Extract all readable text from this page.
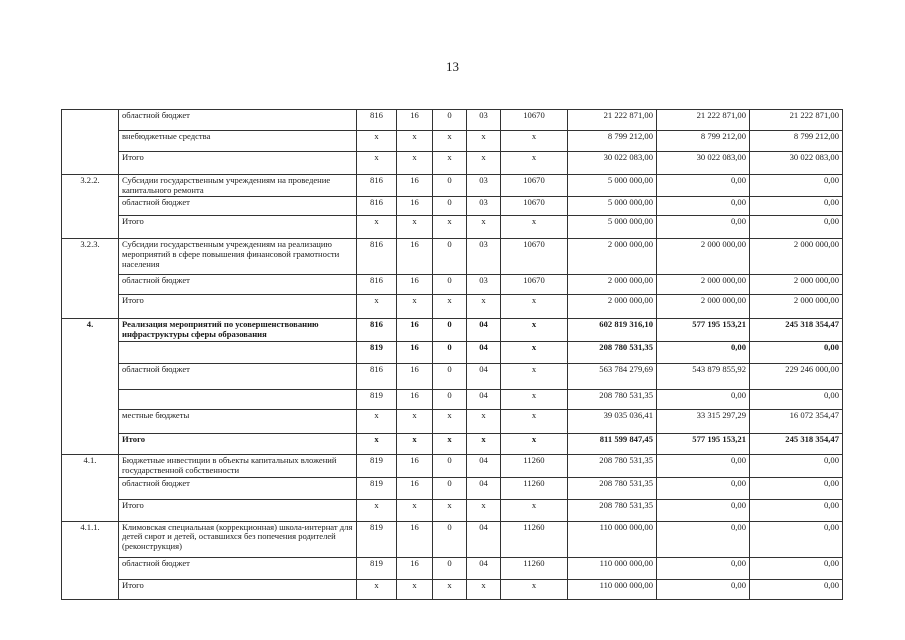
13
	областной бюджет	816	16	0	03	10670	21 222 871,00	21 222 871,00	21 222 871,00
	внебюджетные средства	x	x	x	x	x	8 799 212,00	8 799 212,00	8 799 212,00
	Итого	x	x	x	x	x	30 022 083,00	30 022 083,00	30 022 083,00
3.2.2.	Субсидии государственным учреждениям на проведение капитального ремонта	816	16	0	03	10670	5 000 000,00	0,00	0,00
	областной бюджет	816	16	0	03	10670	5 000 000,00	0,00	0,00
	Итого	x	x	x	x	x	5 000 000,00	0,00	0,00
3.2.3.	Субсидии государственным учреждениям на реализацию мероприятий в сфере повышения финансовой грамотности населения	816	16	0	03	10670	2 000 000,00	2 000 000,00	2 000 000,00
	областной бюджет	816	16	0	03	10670	2 000 000,00	2 000 000,00	2 000 000,00
	Итого	x	x	x	x	x	2 000 000,00	2 000 000,00	2 000 000,00
4.	Реализация мероприятий по усовершенствованию инфраструктуры сферы образования	816	16	0	04	x	602 819 316,10	577 195 153,21	245 318 354,47
		819	16	0	04	x	208 780 531,35	0,00	0,00
	областной бюджет	816	16	0	04	x	563 784 279,69	543 879 855,92	229 246 000,00
		819	16	0	04	x	208 780 531,35	0,00	0,00
	местные бюджеты	x	x	x	x	x	39 035 036,41	33 315 297,29	16 072 354,47
	Итого	x	x	x	x	x	811 599 847,45	577 195 153,21	245 318 354,47
4.1.	Бюджетные инвестиции в объекты капитальных вложений государственной собственности	819	16	0	04	11260	208 780 531,35	0,00	0,00
	областной бюджет	819	16	0	04	11260	208 780 531,35	0,00	0,00
	Итого	x	x	x	x	x	208 780 531,35	0,00	0,00
4.1.1.	Климовская специальная (коррекционная) школа-интернат для детей сирот и детей, оставшихся без попечения родителей (реконструкция)	819	16	0	04	11260	110 000 000,00	0,00	0,00
	областной бюджет	819	16	0	04	11260	110 000 000,00	0,00	0,00
	Итого	x	x	x	x	x	110 000 000,00	0,00	0,00
